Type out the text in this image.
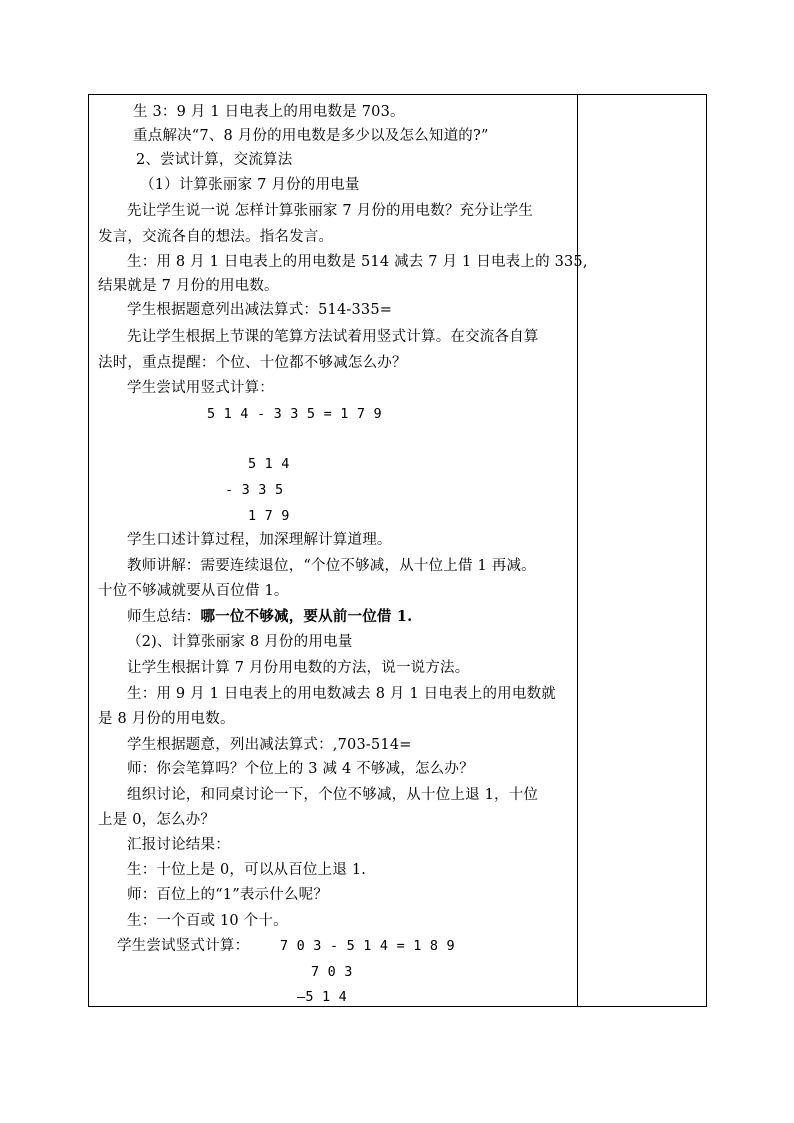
生 3：9 月 1 日电表上的用电数是 703。
重点解决“7、8 月份的用电数是多少以及怎么知道的?”
2、尝试计算，交流算法
（1）计算张丽家 7 月份的用电量
先让学生说一说 怎样计算张丽家 7 月份的用电数？充分让学生
发言，交流各自的想法。指名发言。
生：用 8 月 1 日电表上的用电数是 514 减去 7 月 1 日电表上的 335,
结果就是 7 月份的用电数。
学生根据题意列出减法算式：514-335=
先让学生根据上节课的笔算方法试着用竖式计算。在交流各自算
法时，重点提醒：个位、十位都不够减怎么办？
学生尝试用竖式计算：
5 1 4 - 3 3 5 = 1 7 9
5 1 4
- 3 3 5
1 7 9
学生口述计算过程，加深理解计算道理。
教师讲解：需要连续退位，“个位不够减，从十位上借 1 再减。
十位不够减就要从百位借 1。
师生总结：哪一位不够减，要从前一位借 1.
（2)、计算张丽家 8 月份的用电量
让学生根据计算 7 月份用电数的方法，说一说方法。
生：用 9 月 1 日电表上的用电数减去 8 月 1 日电表上的用电数就
是 8 月份的用电数。
学生根据题意，列出减法算式：,703-514=
师：你会笔算吗？个位上的 3 减 4 不够减，怎么办？
组织讨论，和同桌讨论一下，个位不够减，从十位上退 1，十位
上是 0，怎么办？
汇报讨论结果：
生：十位上是 0，可以从百位上退 1.
师：百位上的“1”表示什么呢？
生：一个百或 10 个十。
学生尝试竖式计算： 7 0 3 - 5 1 4 = 1 8 9
7 0 3
—5 1 4
